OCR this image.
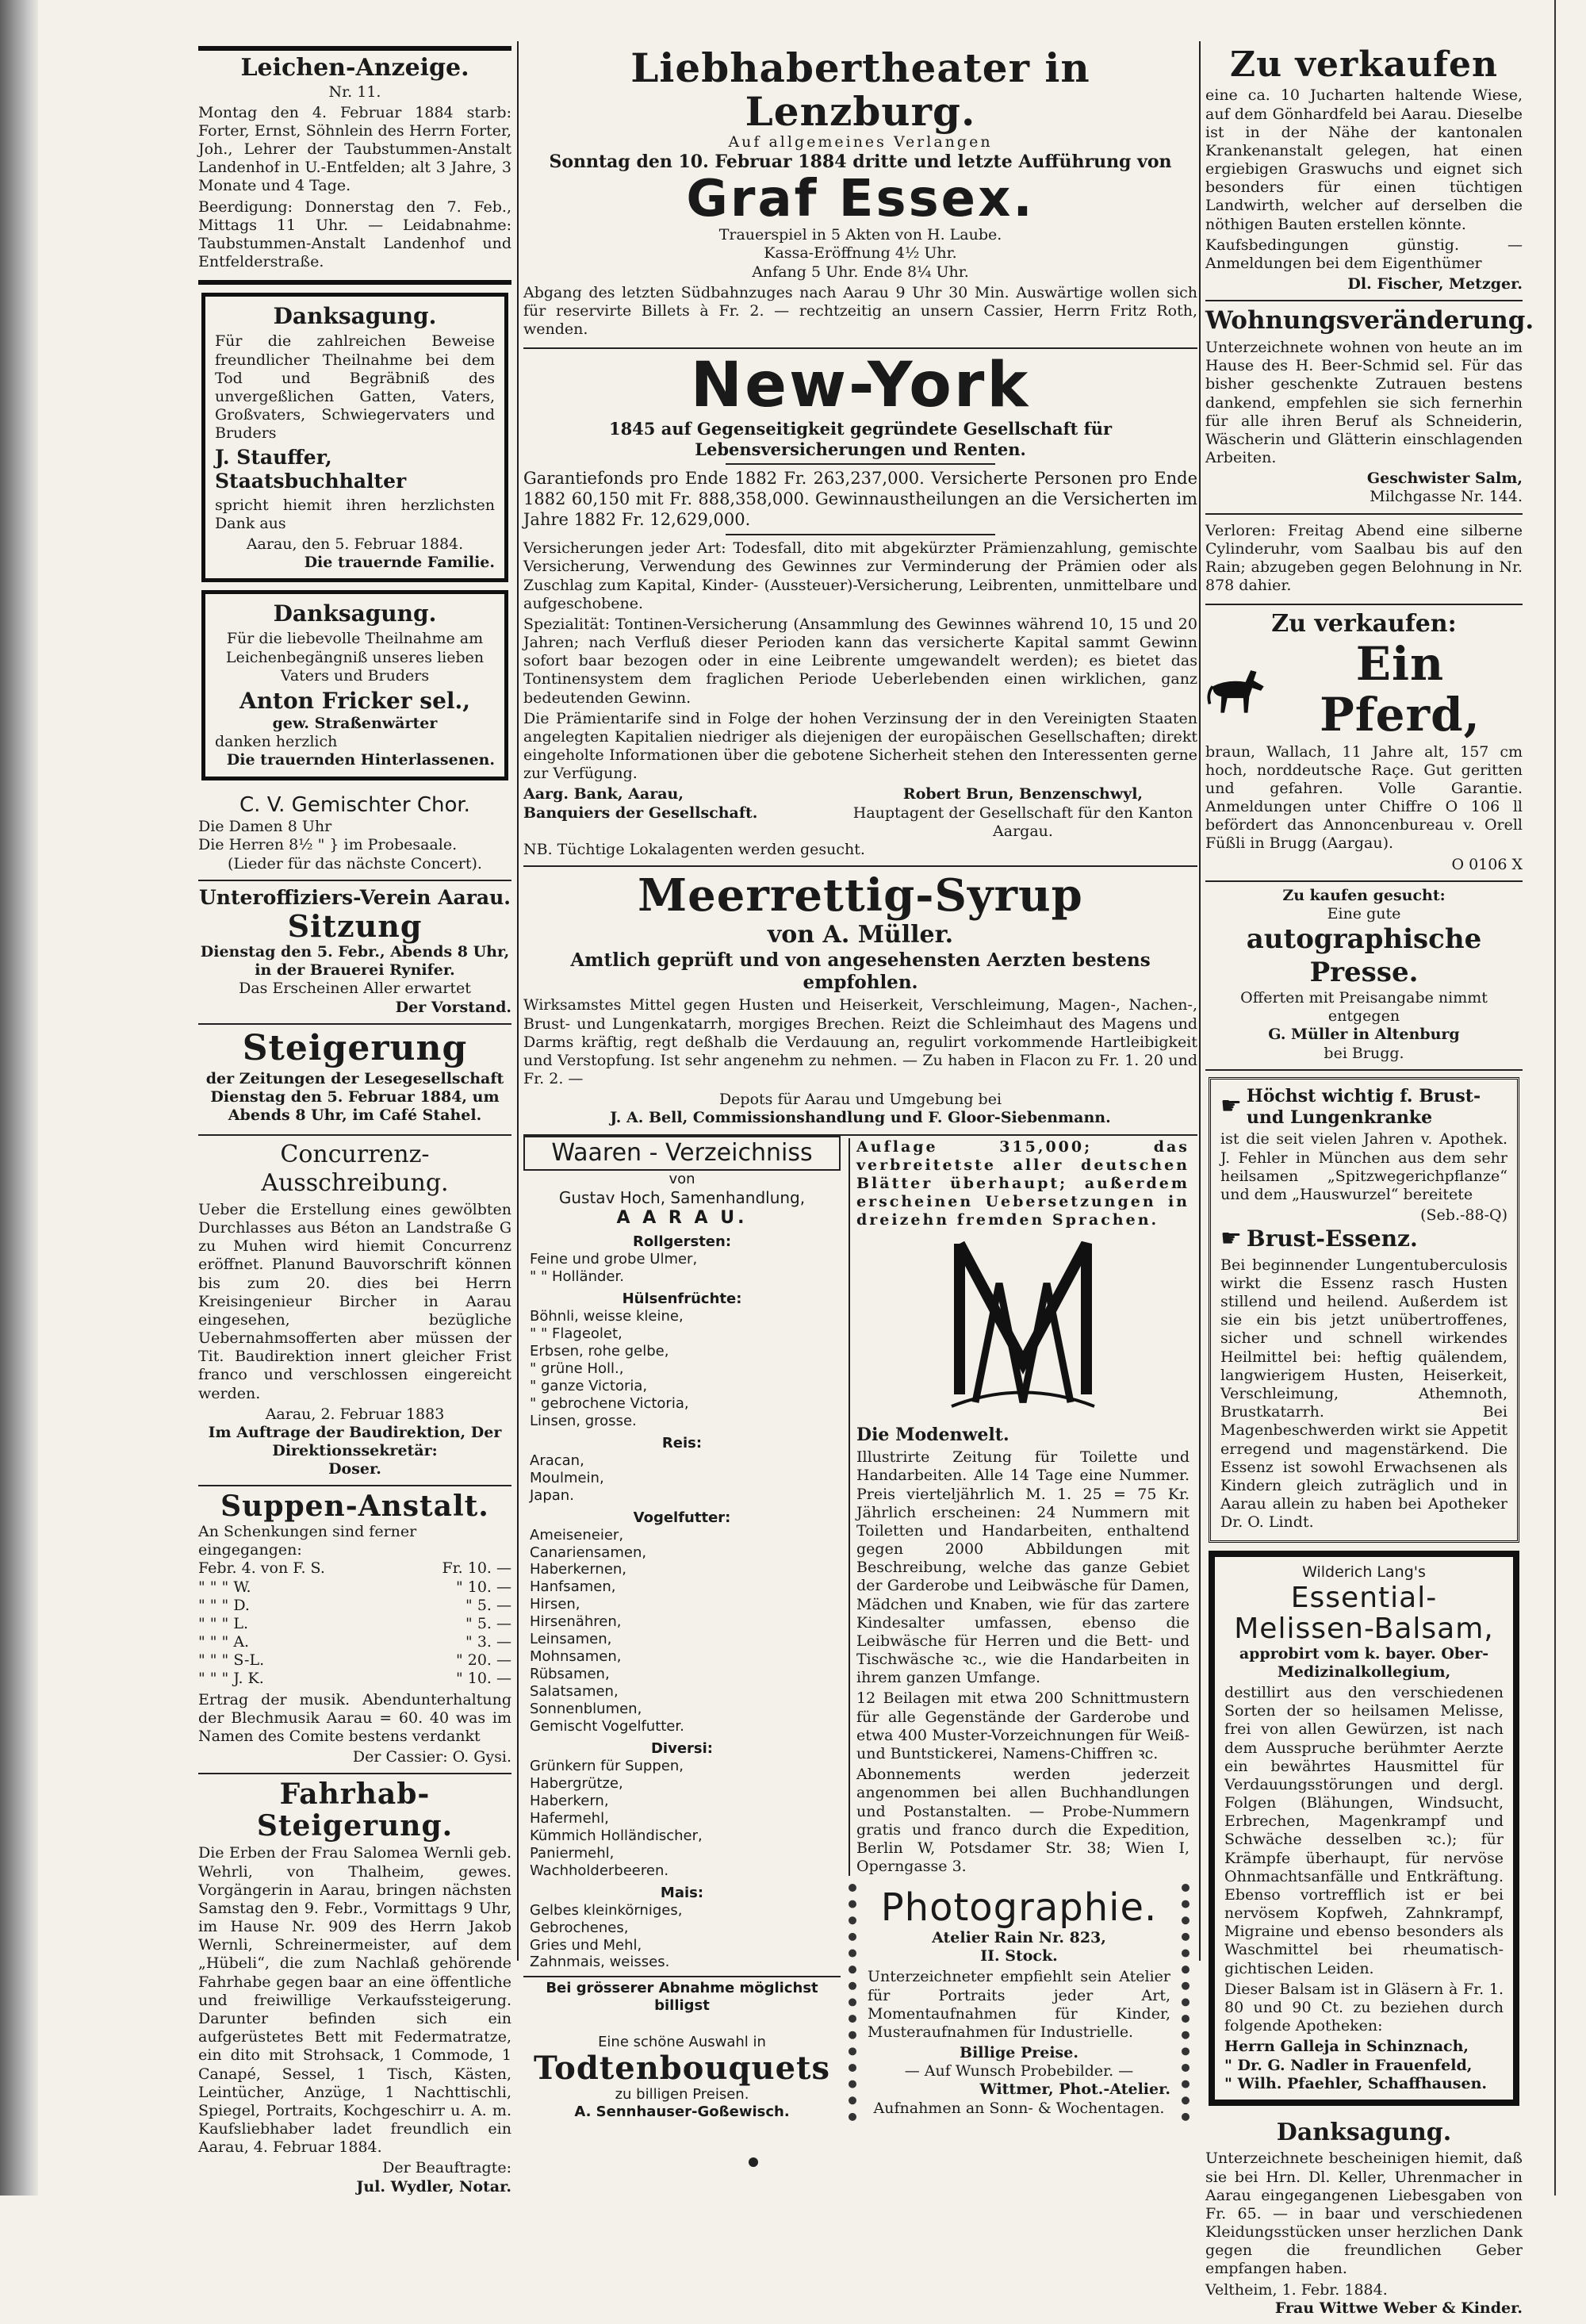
Leichen-Anzeige.
Nr. 11.

Montag den 4. Februar 1884 starb: Forter, Ernst, Söhnlein des Herrn Forter, Joh., Lehrer der Taubstummen-Anstalt Landenhof in U.-Entfelden; alt 3 Jahre, 3 Monate und 4 Tage.

Beerdigung: Donnerstag den 7. Feb., Mittags 11 Uhr. — Leidabnahme: Taubstummen-Anstalt Landenhof und Entfelderstraße.

Danksagung.

Für die zahlreichen Beweise freundlicher Theilnahme bei dem Tod und Begräbniß des unvergeßlichen Gatten, Vaters, Großvaters, Schwiegervaters und Bruders

J. Stauffer, Staatsbuchhalter

spricht hiemit ihren herzlichsten Dank aus

Aarau, den 5. Februar 1884.
Die trauernde Familie.
Danksagung.

Für die liebevolle Theilnahme am Leichenbegängniß unseres lieben Vaters und Bruders

Anton Fricker sel.,
gew. Straßenwärter
danken herzlich
Die trauernden Hinterlassenen.
C. V. Gemischter Chor.
Die Damen 8 Uhr
Die Herren 8½ " } im Probesaale.
(Lieder für das nächste Concert).
Unteroffiziers-Verein Aarau.
Sitzung
Dienstag den 5. Febr., Abends 8 Uhr, in der Brauerei Rynifer.
Das Erscheinen Aller erwartet
Der Vorstand.
Steigerung

der Zeitungen der Lesegesellschaft Dienstag den 5. Februar 1884, um Abends 8 Uhr, im Café Stahel.

Concurrenz-Ausschreibung.

Ueber die Erstellung eines gewölbten Durchlasses aus Béton an Landstraße G zu Muhen wird hiemit Concurrenz eröffnet. Planund Bauvorschrift können bis zum 20. dies bei Herrn Kreisingenieur Bircher in Aarau eingesehen, bezügliche Uebernahmsofferten aber müssen der Tit. Baudirektion innert gleicher Frist franco und verschlossen eingereicht werden.

Aarau, 2. Februar 1883
Im Auftrage der Baudirektion, Der Direktionssekretär:
Doser.
Suppen-Anstalt.
An Schenkungen sind ferner eingegangen:
Febr. 4. von F. S.	Fr. 10. —
" " " W.	" 10. —
" " " D.	" 5. —
" " " L.	" 5. —
" " " A.	" 3. —
" " " S-L.	" 20. —
" " " J. K.	" 10. —

Ertrag der musik. Abendunterhaltung der Blechmusik Aarau = 60. 40 was im Namen des Comite bestens verdankt

Der Cassier: O. Gysi.
Fahrhab-Steigerung.

Die Erben der Frau Salomea Wernli geb. Wehrli, von Thalheim, gewes. Vorgängerin in Aarau, bringen nächsten Samstag den 9. Febr., Vormittags 9 Uhr, im Hause Nr. 909 des Herrn Jakob Wernli, Schreinermeister, auf dem „Hübeli“, die zum Nachlaß gehörende Fahrhabe gegen baar an eine öffentliche und freiwillige Verkaufssteigerung. Darunter befinden sich ein aufgerüstetes Bett mit Federmatratze, ein dito mit Strohsack, 1 Commode, 1 Canapé, Sessel, 1 Tisch, Kästen, Leintücher, Anzüge, 1 Nachttischli, Spiegel, Portraits, Kochgeschirr u. A. m. Kaufsliebhaber ladet freundlich ein Aarau, 4. Februar 1884.

Der Beauftragte:
Jul. Wydler, Notar.
Liebhabertheater in Lenzburg.
Auf allgemeines Verlangen
Sonntag den 10. Februar 1884 dritte und letzte Aufführung von
Graf Essex.
Trauerspiel in 5 Akten von H. Laube.
Kassa-Eröffnung 4½ Uhr.
Anfang 5 Uhr. Ende 8¼ Uhr.

Abgang des letzten Südbahnzuges nach Aarau 9 Uhr 30 Min. Auswärtige wollen sich für reservirte Billets à Fr. 2. — rechtzeitig an unsern Cassier, Herrn Fritz Roth, wenden.

New-York
1845 auf Gegenseitigkeit gegründete Gesellschaft für Lebensversicherungen und Renten.

Garantiefonds pro Ende 1882 Fr. 263,237,000. Versicherte Personen pro Ende 1882 60,150 mit Fr. 888,358,000. Gewinnaustheilungen an die Versicherten im Jahre 1882 Fr. 12,629,000.

Versicherungen jeder Art: Todesfall, dito mit abgekürzter Prämienzahlung, gemischte Versicherung, Verwendung des Gewinnes zur Verminderung der Prämien oder als Zuschlag zum Kapital, Kinder- (Aussteuer)-Versicherung, Leibrenten, unmittelbare und aufgeschobene.

Spezialität: Tontinen-Versicherung (Ansammlung des Gewinnes während 10, 15 und 20 Jahren; nach Verfluß dieser Perioden kann das versicherte Kapital sammt Gewinn sofort baar bezogen oder in eine Leibrente umgewandelt werden); es bietet das Tontinensystem dem fraglichen Periode Ueberlebenden einen wirklichen, ganz bedeutenden Gewinn.

Die Prämientarife sind in Folge der hohen Verzinsung der in den Vereinigten Staaten angelegten Kapitalien niedriger als diejenigen der europäischen Gesellschaften; direkt eingeholte Informationen über die gebotene Sicherheit stehen den Interessenten gerne zur Verfügung.

Aarg. Bank, Aarau,
Banquiers der Gesellschaft.
Robert Brun, Benzenschwyl,
Hauptagent der Gesellschaft für den Kanton Aargau.
NB. Tüchtige Lokalagenten werden gesucht.
Meerrettig-Syrup
von A. Müller.
Amtlich geprüft und von angesehensten Aerzten bestens empfohlen.

Wirksamstes Mittel gegen Husten und Heiserkeit, Verschleimung, Magen-, Nachen-, Brust- und Lungenkatarrh, morgiges Brechen. Reizt die Schleimhaut des Magens und Darms kräftig, regt deßhalb die Verdauung an, regulirt vorkommende Hartleibigkeit und Verstopfung. Ist sehr angenehm zu nehmen. — Zu haben in Flacon zu Fr. 1. 20 und Fr. 2. —

Depots für Aarau und Umgebung bei
J. A. Bell, Commissionshandlung und F. Gloor-Siebenmann.
Waaren - Verzeichniss
von
Gustav Hoch, Samenhandlung,
A A R A U.
Rollgersten:
Feine und grobe Ulmer,
" " Holländer.
Hülsenfrüchte:
Böhnli, weisse kleine,
" " Flageolet,
Erbsen, rohe gelbe,
" grüne Holl.,
" ganze Victoria,
" gebrochene Victoria,
Linsen, grosse.
Reis:
Aracan,
Moulmein,
Japan.
Vogelfutter:
Ameiseneier,
Canariensamen,
Haberkernen,
Hanfsamen,
Hirsen,
Hirsenähren,
Leinsamen,
Mohnsamen,
Rübsamen,
Salatsamen,
Sonnenblumen,
Gemischt Vogelfutter.
Diversi:
Grünkern für Suppen,
Habergrütze,
Haberkern,
Hafermehl,
Kümmich Holländischer,
Paniermehl,
Wachholderbeeren.
Mais:
Gelbes kleinkörniges,
Gebrochenes,
Gries und Mehl,
Zahnmais, weisses.
Bei grösserer Abnahme möglichst billigst
Eine schöne Auswahl in
Todtenbouquets
zu billigen Preisen.
A. Sennhauser-Goßewisch.

Auflage 315,000; das verbreitetste aller deutschen Blätter überhaupt; außerdem erscheinen Uebersetzungen in dreizehn fremden Sprachen.

Die Modenwelt.

Illustrirte Zeitung für Toilette und Handarbeiten. Alle 14 Tage eine Nummer. Preis vierteljährlich M. 1. 25 = 75 Kr. Jährlich erscheinen: 24 Nummern mit Toiletten und Handarbeiten, enthaltend gegen 2000 Abbildungen mit Beschreibung, welche das ganze Gebiet der Garderobe und Leibwäsche für Damen, Mädchen und Knaben, wie für das zartere Kindesalter umfassen, ebenso die Leibwäsche für Herren und die Bett- und Tischwäsche ꝛc., wie die Handarbeiten in ihrem ganzen Umfange.

12 Beilagen mit etwa 200 Schnittmustern für alle Gegenstände der Garderobe und etwa 400 Muster-Vorzeichnungen für Weiß- und Buntstickerei, Namens-Chiffren ꝛc.

Abonnements werden jederzeit angenommen bei allen Buchhandlungen und Postanstalten. — Probe-Nummern gratis und franco durch die Expedition, Berlin W, Potsdamer Str. 38; Wien I, Operngasse 3.

Photographie.
Atelier Rain Nr. 823,
II. Stock.

Unterzeichneter empfiehlt sein Atelier für Portraits jeder Art, Momentaufnahmen für Kinder, Musteraufnahmen für Industrielle.

Billige Preise.
— Auf Wunsch Probebilder. —
Wittmer, Phot.-Atelier.
Aufnahmen an Sonn- & Wochentagen.
Zu verkaufen

eine ca. 10 Jucharten haltende Wiese, auf dem Gönhardfeld bei Aarau. Dieselbe ist in der Nähe der kantonalen Krankenanstalt gelegen, hat einen ergiebigen Graswuchs und eignet sich besonders für einen tüchtigen Landwirth, welcher auf derselben die nöthigen Bauten erstellen könnte.

Kaufsbedingungen günstig. — Anmeldungen bei dem Eigenthümer

Dl. Fischer, Metzger.
Wohnungsveränderung.

Unterzeichnete wohnen von heute an im Hause des H. Beer-Schmid sel. Für das bisher geschenkte Zutrauen bestens dankend, empfehlen sie sich fernerhin für alle ihren Beruf als Schneiderin, Wäscherin und Glätterin einschlagenden Arbeiten.

Geschwister Salm,
Milchgasse Nr. 144.

Verloren: Freitag Abend eine silberne Cylinderuhr, vom Saalbau bis auf den Rain; abzugeben gegen Belohnung in Nr. 878 dahier.

Zu verkaufen:
Ein Pferd,

braun, Wallach, 11 Jahre alt, 157 cm hoch, norddeutsche Raçe. Gut geritten und gefahren. Volle Garantie. Anmeldungen unter Chiffre O 106 ll befördert das Annoncenbureau v. Orell Füßli in Brugg (Aargau).

O 0106 X
Zu kaufen gesucht:
Eine gute
autographische Presse.
Offerten mit Preisangabe nimmt entgegen
G. Müller in Altenburg
bei Brugg.
☛ Höchst wichtig f. Brust- und Lungenkranke

ist die seit vielen Jahren v. Apothek. J. Fehler in München aus dem sehr heilsamen „Spitzwegerichpflanze“ und dem „Hauswurzel“ bereitete

(Seb.-88-Q)
☛ Brust-Essenz.

Bei beginnender Lungentuberculosis wirkt die Essenz rasch Husten stillend und heilend. Außerdem ist sie ein bis jetzt unübertroffenes, sicher und schnell wirkendes Heilmittel bei: heftig quälendem, langwierigem Husten, Heiserkeit, Verschleimung, Athemnoth, Brustkatarrh. Bei Magenbeschwerden wirkt sie Appetit erregend und magenstärkend. Die Essenz ist sowohl Erwachsenen als Kindern gleich zuträglich und in Aarau allein zu haben bei Apotheker Dr. O. Lindt.

Wilderich Lang's
Essential-Melissen-Balsam,
approbirt vom k. bayer. Ober-Medizinalkollegium,

destillirt aus den verschiedenen Sorten der so heilsamen Melisse, frei von allen Gewürzen, ist nach dem Ausspruche berühmter Aerzte ein bewährtes Hausmittel für Verdauungsstörungen und dergl. Folgen (Blähungen, Windsucht, Erbrechen, Magenkrampf und Schwäche desselben ꝛc.); für Krämpfe überhaupt, für nervöse Ohnmachtsanfälle und Entkräftung. Ebenso vortrefflich ist er bei nervösem Kopfweh, Zahnkrampf, Migraine und ebenso besonders als Waschmittel bei rheumatisch-gichtischen Leiden.

Dieser Balsam ist in Gläsern à Fr. 1. 80 und 90 Ct. zu beziehen durch folgende Apotheken:

Herrn Galleja in Schinznach,
" Dr. G. Nadler in Frauenfeld,
" Wilh. Pfaehler, Schaffhausen.
Danksagung.

Unterzeichnete bescheinigen hiemit, daß sie bei Hrn. Dl. Keller, Uhrenmacher in Aarau eingegangenen Liebesgaben von Fr. 65. — in baar und verschiedenen Kleidungsstücken unser herzlichen Dank gegen die freundlichen Geber empfangen haben.

Veltheim, 1. Febr. 1884.
Frau Wittwe Weber & Kinder.
